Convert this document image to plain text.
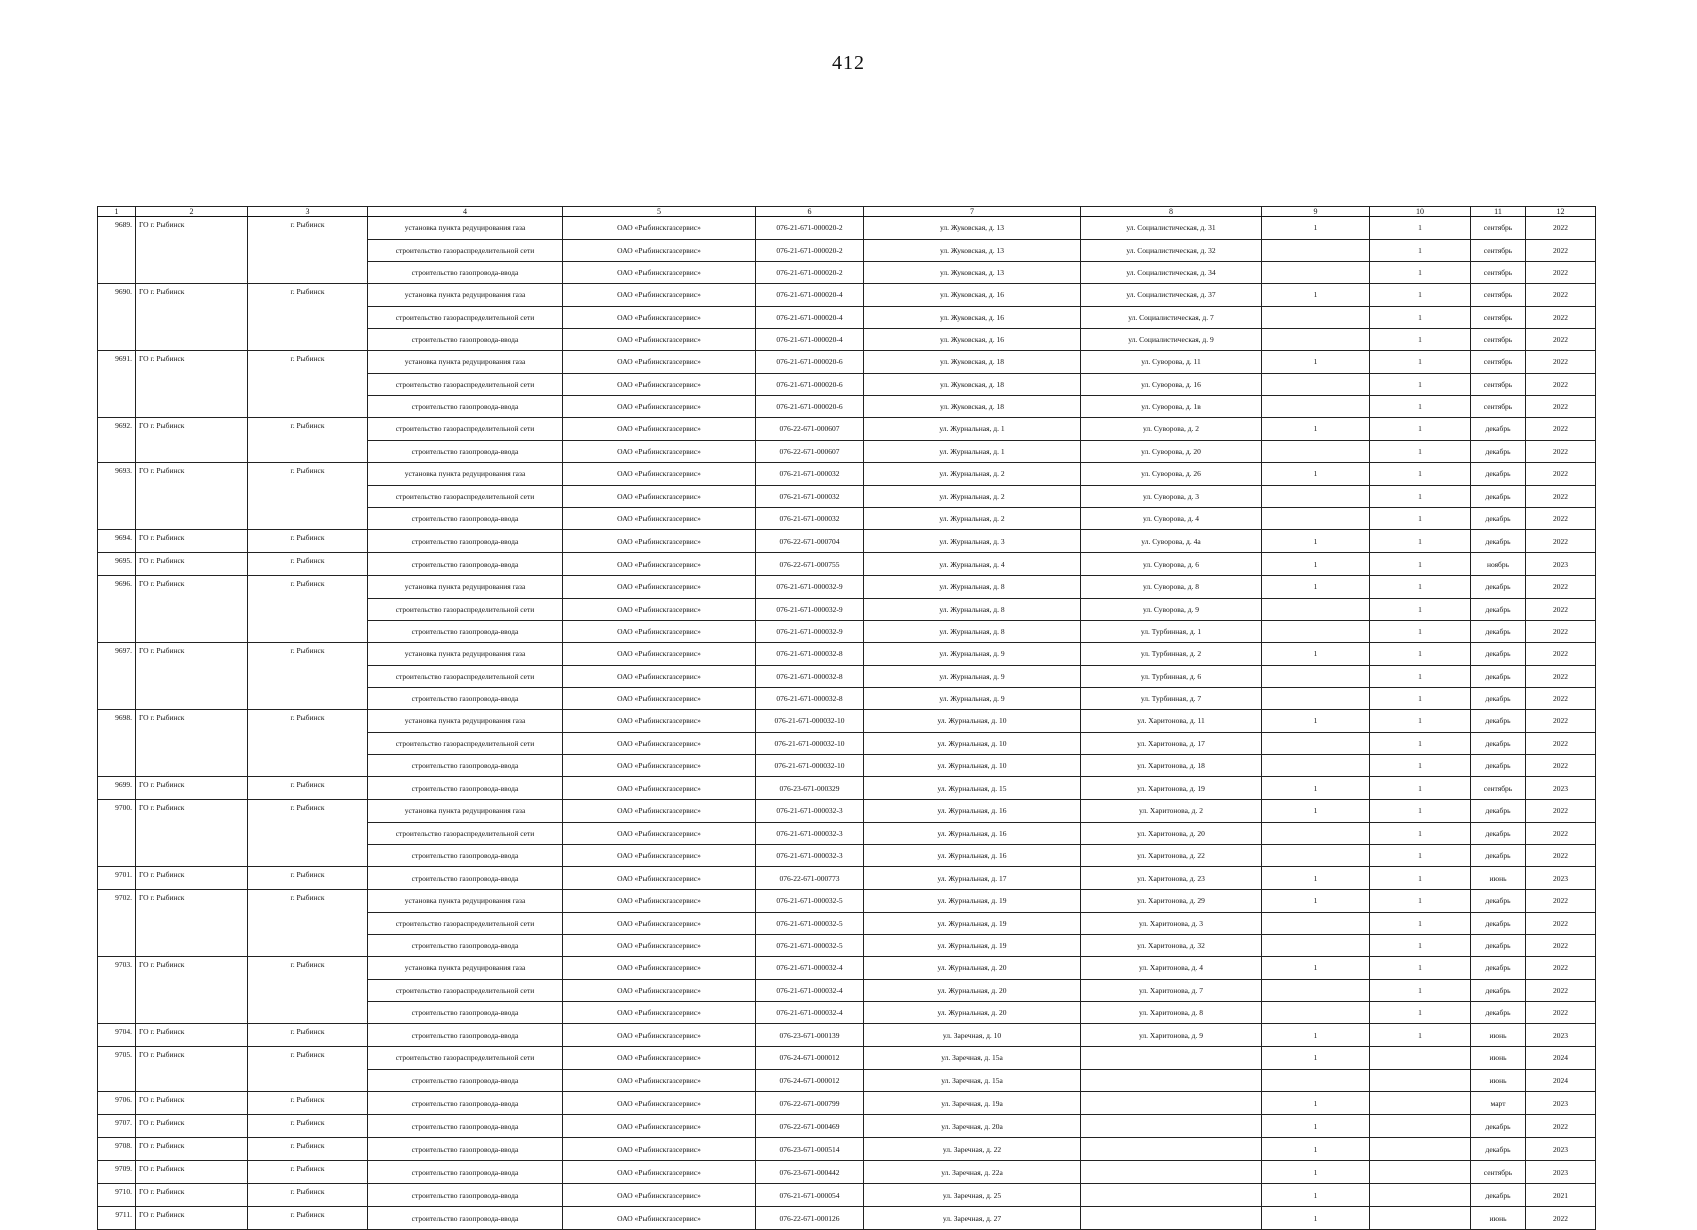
412
1	2	3	4	5	6	7	8	9	10	11	12
9689.	ГО г. Рыбинск	г. Рыбинск	установка пункта редуцирования газа	ОАО «Рыбинскгазсервис»	076-21-671-000020-2	ул. Жуковская, д. 13	ул. Социалистическая, д. 31	1	1	сентябрь	2022
			строительство газораспределительной сети	ОАО «Рыбинскгазсервис»	076-21-671-000020-2	ул. Жуковская, д. 13	ул. Социалистическая, д. 32		1	сентябрь	2022
			строительство газопровода-ввода	ОАО «Рыбинскгазсервис»	076-21-671-000020-2	ул. Жуковская, д. 13	ул. Социалистическая, д. 34		1	сентябрь	2022
9690.	ГО г. Рыбинск	г. Рыбинск	установка пункта редуцирования газа	ОАО «Рыбинскгазсервис»	076-21-671-000020-4	ул. Жуковская, д. 16	ул. Социалистическая, д. 37	1	1	сентябрь	2022
			строительство газораспределительной сети	ОАО «Рыбинскгазсервис»	076-21-671-000020-4	ул. Жуковская, д. 16	ул. Социалистическая, д. 7		1	сентябрь	2022
			строительство газопровода-ввода	ОАО «Рыбинскгазсервис»	076-21-671-000020-4	ул. Жуковская, д. 16	ул. Социалистическая, д. 9		1	сентябрь	2022
9691.	ГО г. Рыбинск	г. Рыбинск	установка пункта редуцирования газа	ОАО «Рыбинскгазсервис»	076-21-671-000020-6	ул. Жуковская, д. 18	ул. Суворова, д. 11	1	1	сентябрь	2022
			строительство газораспределительной сети	ОАО «Рыбинскгазсервис»	076-21-671-000020-6	ул. Жуковская, д. 18	ул. Суворова, д. 16		1	сентябрь	2022
			строительство газопровода-ввода	ОАО «Рыбинскгазсервис»	076-21-671-000020-6	ул. Жуковская, д. 18	ул. Суворова, д. 1в		1	сентябрь	2022
9692.	ГО г. Рыбинск	г. Рыбинск	строительство газораспределительной сети	ОАО «Рыбинскгазсервис»	076-22-671-000607	ул. Журнальная, д. 1	ул. Суворова, д. 2	1	1	декабрь	2022
			строительство газопровода-ввода	ОАО «Рыбинскгазсервис»	076-22-671-000607	ул. Журнальная, д. 1	ул. Суворова, д. 20		1	декабрь	2022
9693.	ГО г. Рыбинск	г. Рыбинск	установка пункта редуцирования газа	ОАО «Рыбинскгазсервис»	076-21-671-000032	ул. Журнальная, д. 2	ул. Суворова, д. 26	1	1	декабрь	2022
			строительство газораспределительной сети	ОАО «Рыбинскгазсервис»	076-21-671-000032	ул. Журнальная, д. 2	ул. Суворова, д. 3		1	декабрь	2022
			строительство газопровода-ввода	ОАО «Рыбинскгазсервис»	076-21-671-000032	ул. Журнальная, д. 2	ул. Суворова, д. 4		1	декабрь	2022
9694.	ГО г. Рыбинск	г. Рыбинск	строительство газопровода-ввода	ОАО «Рыбинскгазсервис»	076-22-671-000704	ул. Журнальная, д. 3	ул. Суворова, д. 4а	1	1	декабрь	2022
9695.	ГО г. Рыбинск	г. Рыбинск	строительство газопровода-ввода	ОАО «Рыбинскгазсервис»	076-22-671-000755	ул. Журнальная, д. 4	ул. Суворова, д. 6	1	1	ноябрь	2023
9696.	ГО г. Рыбинск	г. Рыбинск	установка пункта редуцирования газа	ОАО «Рыбинскгазсервис»	076-21-671-000032-9	ул. Журнальная, д. 8	ул. Суворова, д. 8	1	1	декабрь	2022
			строительство газораспределительной сети	ОАО «Рыбинскгазсервис»	076-21-671-000032-9	ул. Журнальная, д. 8	ул. Суворова, д. 9		1	декабрь	2022
			строительство газопровода-ввода	ОАО «Рыбинскгазсервис»	076-21-671-000032-9	ул. Журнальная, д. 8	ул. Турбинная, д. 1		1	декабрь	2022
9697.	ГО г. Рыбинск	г. Рыбинск	установка пункта редуцирования газа	ОАО «Рыбинскгазсервис»	076-21-671-000032-8	ул. Журнальная, д. 9	ул. Турбинная, д. 2	1	1	декабрь	2022
			строительство газораспределительной сети	ОАО «Рыбинскгазсервис»	076-21-671-000032-8	ул. Журнальная, д. 9	ул. Турбинная, д. 6		1	декабрь	2022
			строительство газопровода-ввода	ОАО «Рыбинскгазсервис»	076-21-671-000032-8	ул. Журнальная, д. 9	ул. Турбинная, д. 7		1	декабрь	2022
9698.	ГО г. Рыбинск	г. Рыбинск	установка пункта редуцирования газа	ОАО «Рыбинскгазсервис»	076-21-671-000032-10	ул. Журнальная, д. 10	ул. Харитонова, д. 11	1	1	декабрь	2022
			строительство газораспределительной сети	ОАО «Рыбинскгазсервис»	076-21-671-000032-10	ул. Журнальная, д. 10	ул. Харитонова, д. 17		1	декабрь	2022
			строительство газопровода-ввода	ОАО «Рыбинскгазсервис»	076-21-671-000032-10	ул. Журнальная, д. 10	ул. Харитонова, д. 18		1	декабрь	2022
9699.	ГО г. Рыбинск	г. Рыбинск	строительство газопровода-ввода	ОАО «Рыбинскгазсервис»	076-23-671-000329	ул. Журнальная, д. 15	ул. Харитонова, д. 19	1	1	сентябрь	2023
9700.	ГО г. Рыбинск	г. Рыбинск	установка пункта редуцирования газа	ОАО «Рыбинскгазсервис»	076-21-671-000032-3	ул. Журнальная, д. 16	ул. Харитонова, д. 2	1	1	декабрь	2022
			строительство газораспределительной сети	ОАО «Рыбинскгазсервис»	076-21-671-000032-3	ул. Журнальная, д. 16	ул. Харитонова, д. 20		1	декабрь	2022
			строительство газопровода-ввода	ОАО «Рыбинскгазсервис»	076-21-671-000032-3	ул. Журнальная, д. 16	ул. Харитонова, д. 22		1	декабрь	2022
9701.	ГО г. Рыбинск	г. Рыбинск	строительство газопровода-ввода	ОАО «Рыбинскгазсервис»	076-22-671-000773	ул. Журнальная, д. 17	ул. Харитонова, д. 23	1	1	июнь	2023
9702.	ГО г. Рыбинск	г. Рыбинск	установка пункта редуцирования газа	ОАО «Рыбинскгазсервис»	076-21-671-000032-5	ул. Журнальная, д. 19	ул. Харитонова, д. 29	1	1	декабрь	2022
			строительство газораспределительной сети	ОАО «Рыбинскгазсервис»	076-21-671-000032-5	ул. Журнальная, д. 19	ул. Харитонова, д. 3		1	декабрь	2022
			строительство газопровода-ввода	ОАО «Рыбинскгазсервис»	076-21-671-000032-5	ул. Журнальная, д. 19	ул. Харитонова, д. 32		1	декабрь	2022
9703.	ГО г. Рыбинск	г. Рыбинск	установка пункта редуцирования газа	ОАО «Рыбинскгазсервис»	076-21-671-000032-4	ул. Журнальная, д. 20	ул. Харитонова, д. 4	1	1	декабрь	2022
			строительство газораспределительной сети	ОАО «Рыбинскгазсервис»	076-21-671-000032-4	ул. Журнальная, д. 20	ул. Харитонова, д. 7		1	декабрь	2022
			строительство газопровода-ввода	ОАО «Рыбинскгазсервис»	076-21-671-000032-4	ул. Журнальная, д. 20	ул. Харитонова, д. 8		1	декабрь	2022
9704.	ГО г. Рыбинск	г. Рыбинск	строительство газопровода-ввода	ОАО «Рыбинскгазсервис»	076-23-671-000139	ул. Заречная, д. 10	ул. Харитонова, д. 9	1	1	июнь	2023
9705.	ГО г. Рыбинск	г. Рыбинск	строительство газораспределительной сети	ОАО «Рыбинскгазсервис»	076-24-671-000012	ул. Заречная, д. 15а		1		июнь	2024
			строительство газопровода-ввода	ОАО «Рыбинскгазсервис»	076-24-671-000012	ул. Заречная, д. 15а				июнь	2024
9706.	ГО г. Рыбинск	г. Рыбинск	строительство газопровода-ввода	ОАО «Рыбинскгазсервис»	076-22-671-000799	ул. Заречная, д. 19а		1		март	2023
9707.	ГО г. Рыбинск	г. Рыбинск	строительство газопровода-ввода	ОАО «Рыбинскгазсервис»	076-22-671-000469	ул. Заречная, д. 20а		1		декабрь	2022
9708.	ГО г. Рыбинск	г. Рыбинск	строительство газопровода-ввода	ОАО «Рыбинскгазсервис»	076-23-671-000514	ул. Заречная, д. 22		1		декабрь	2023
9709.	ГО г. Рыбинск	г. Рыбинск	строительство газопровода-ввода	ОАО «Рыбинскгазсервис»	076-23-671-000442	ул. Заречная, д. 22а		1		сентябрь	2023
9710.	ГО г. Рыбинск	г. Рыбинск	строительство газопровода-ввода	ОАО «Рыбинскгазсервис»	076-21-671-000054	ул. Заречная, д. 25		1		декабрь	2021
9711.	ГО г. Рыбинск	г. Рыбинск	строительство газопровода-ввода	ОАО «Рыбинскгазсервис»	076-22-671-000126	ул. Заречная, д. 27		1		июнь	2022
